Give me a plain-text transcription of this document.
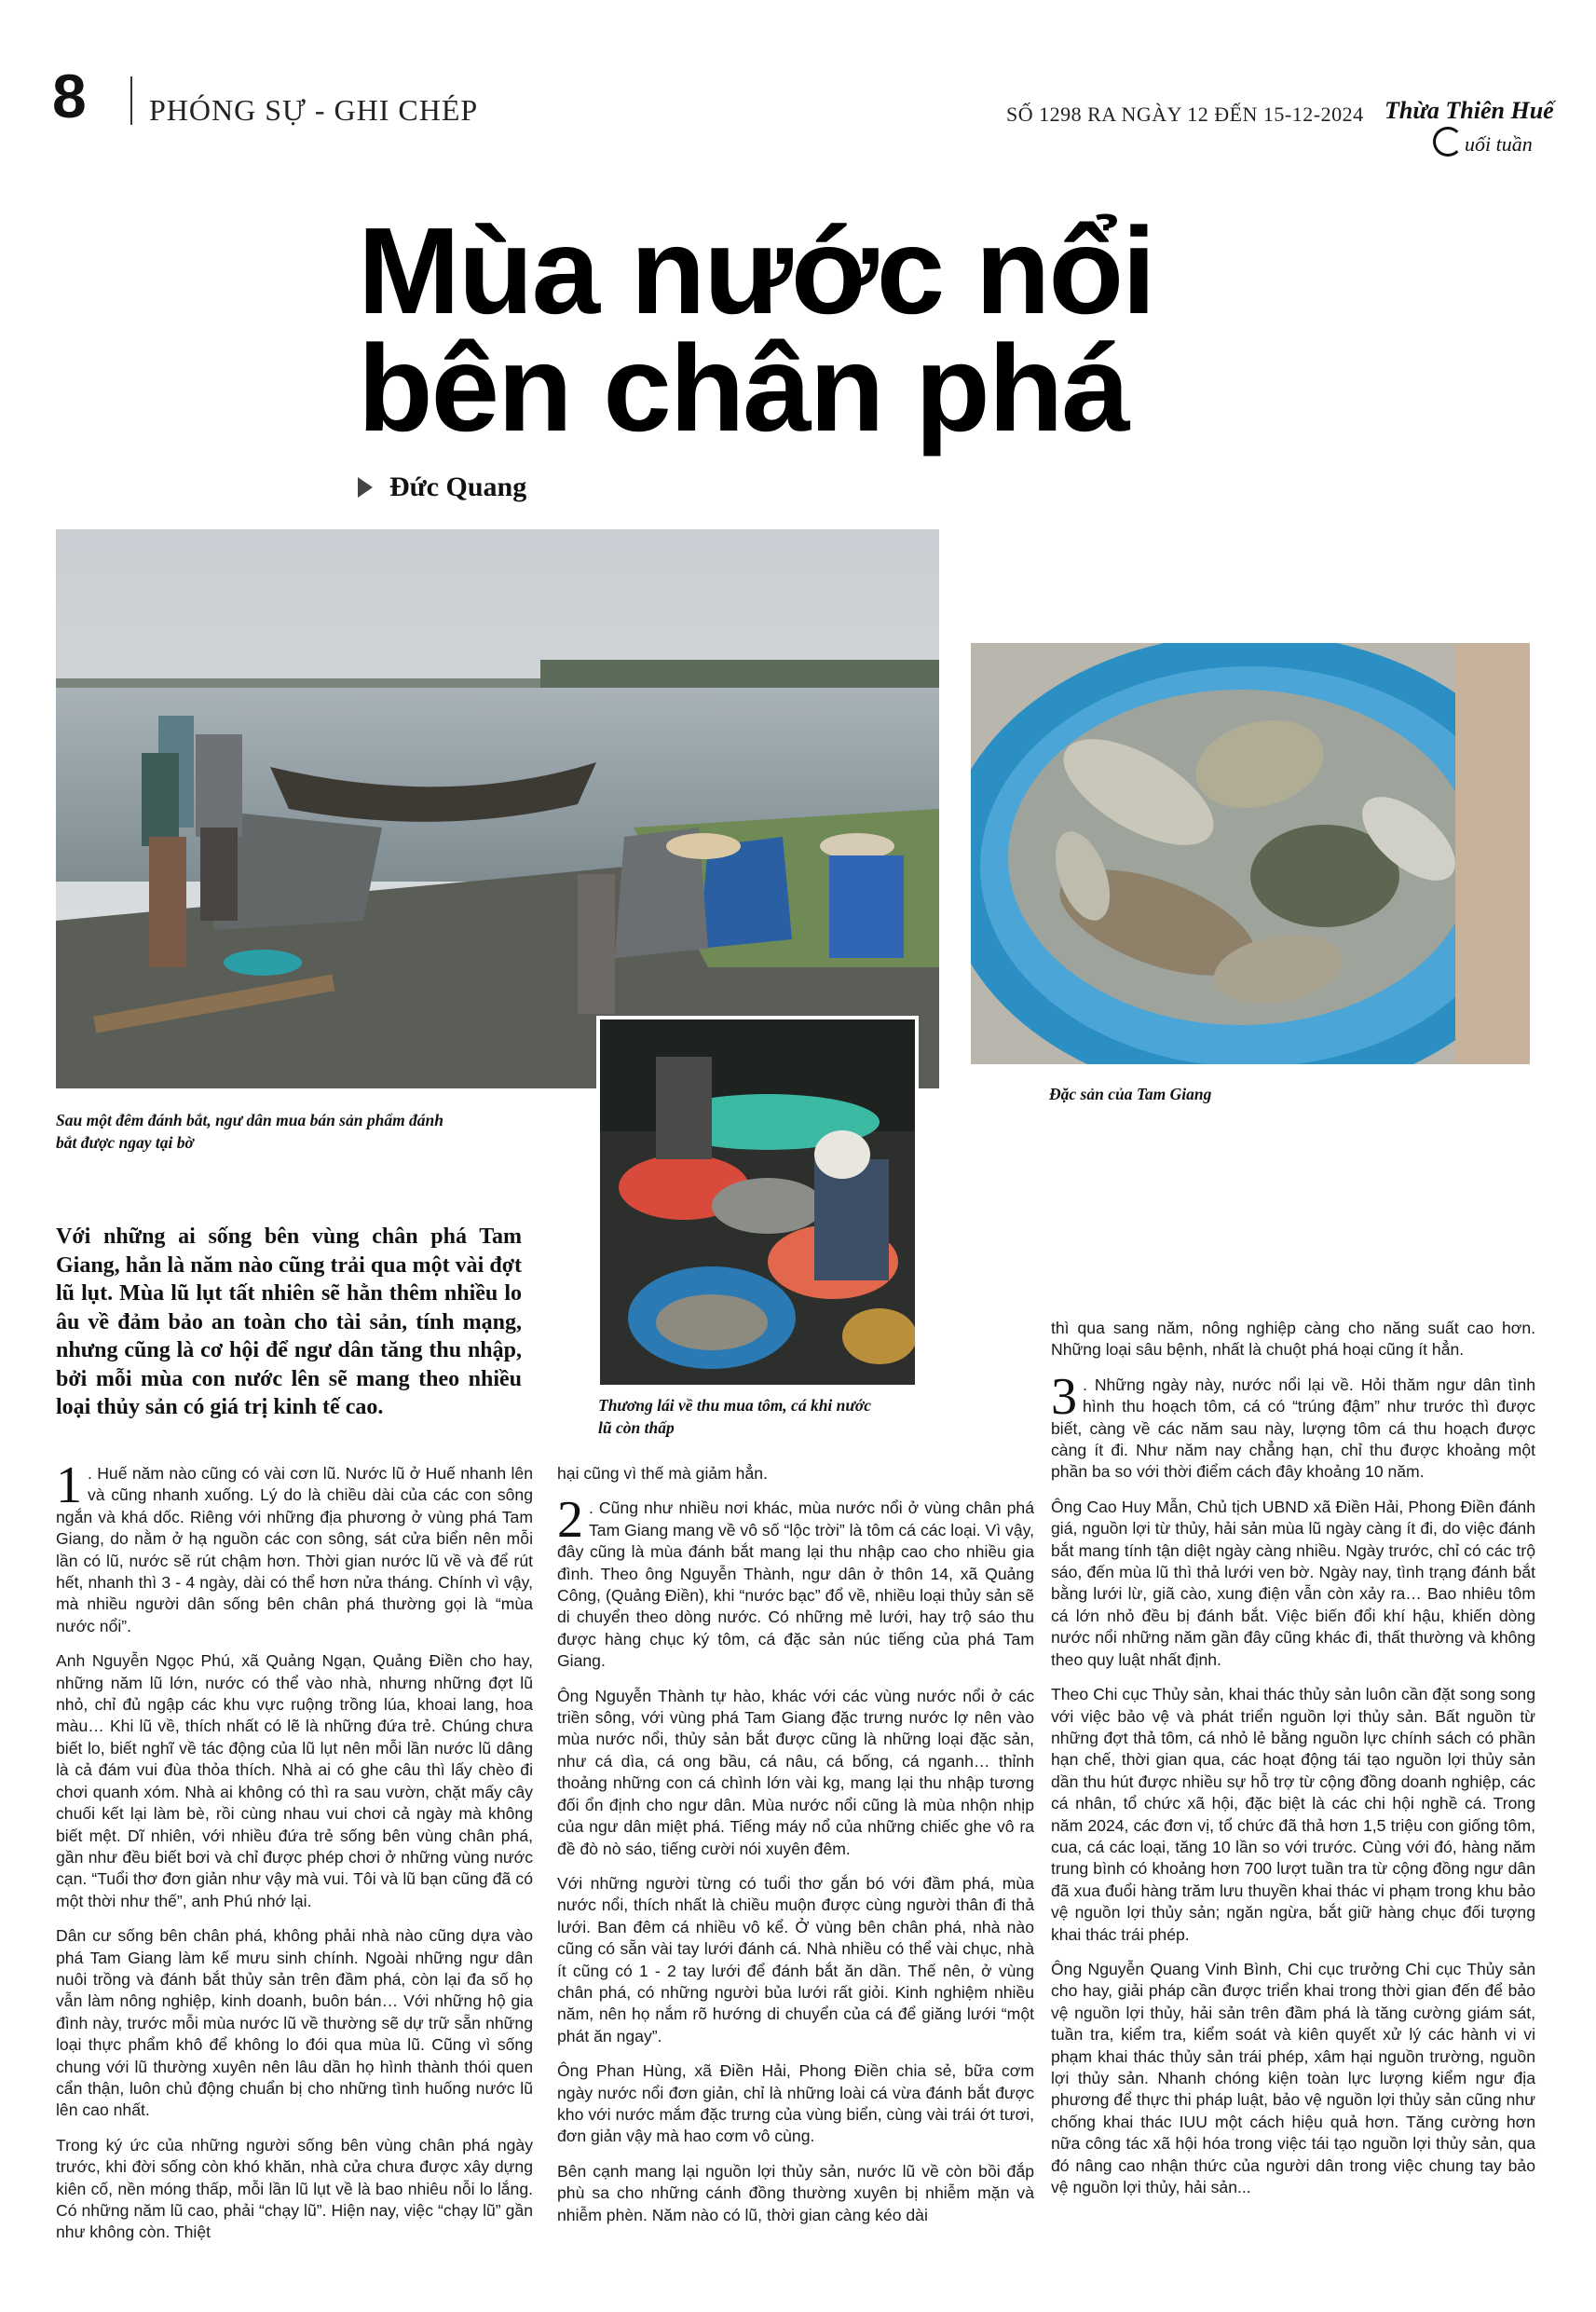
8 PHÓNG SỰ - GHI CHÉP	SỐ 1298 RA NGÀY 12 ĐẾN 15-12-2024 Thừa Thiên Huế
uối tuần
Mùa nước nổi
bên chân phá
Đức Quang
Sau một đêm đánh bắt, ngư dân mua bán sản phẩm đánh bắt được ngay tại bờ
Đặc sản của Tam Giang
Thương lái về thu mua tôm, cá khi nước lũ còn thấp
Với những ai sống bên vùng chân phá Tam Giang, hẳn là năm nào cũng trải qua một vài đợt lũ lụt. Mùa lũ lụt tất nhiên sẽ hằn thêm nhiều lo âu về đảm bảo an toàn cho tài sản, tính mạng, nhưng cũng là cơ hội để ngư dân tăng thu nhập, bởi mỗi mùa con nước lên sẽ mang theo nhiều loại thủy sản có giá trị kinh tế cao.

1 . Huế năm nào cũng có vài cơn lũ. Nước lũ ở Huế nhanh lên và cũng nhanh xuống. Lý do là chiều dài của các con sông ngắn và khá dốc. Riêng với những địa phương ở vùng phá Tam Giang, do nằm ở hạ nguồn các con sông, sát cửa biển nên mỗi lần có lũ, nước sẽ rút chậm hơn. Thời gian nước lũ về và để rút hết, nhanh thì 3 - 4 ngày, dài có thể hơn nửa tháng. Chính vì vậy, mà nhiều người dân sống bên chân phá thường gọi là “mùa nước nổi”.

Anh Nguyễn Ngọc Phú, xã Quảng Ngạn, Quảng Điền cho hay, những năm lũ lớn, nước có thể vào nhà, nhưng những đợt lũ nhỏ, chỉ đủ ngập các khu vực ruộng trồng lúa, khoai lang, hoa màu… Khi lũ về, thích nhất có lẽ là những đứa trẻ. Chúng chưa biết lo, biết nghĩ về tác động của lũ lụt nên mỗi lần nước lũ dâng là cả đám vui đùa thỏa thích. Nhà ai có ghe câu thì lấy chèo đi chơi quanh xóm. Nhà ai không có thì ra sau vườn, chặt mấy cây chuối kết lại làm bè, rồi cùng nhau vui chơi cả ngày mà không biết mệt. Dĩ nhiên, với nhiều đứa trẻ sống bên vùng chân phá, gần như đều biết bơi và chỉ được phép chơi ở những vùng nước cạn. “Tuổi thơ đơn giản như vậy mà vui. Tôi và lũ bạn cũng đã có một thời như thế”, anh Phú nhớ lại.

Dân cư sống bên chân phá, không phải nhà nào cũng dựa vào phá Tam Giang làm kế mưu sinh chính. Ngoài những ngư dân nuôi trồng và đánh bắt thủy sản trên đầm phá, còn lại đa số họ vẫn làm nông nghiệp, kinh doanh, buôn bán… Với những hộ gia đình này, trước mỗi mùa nước lũ về thường sẽ dự trữ sẵn những loại thực phẩm khô để không lo đói qua mùa lũ. Cũng vì sống chung với lũ thường xuyên nên lâu dần họ hình thành thói quen cẩn thận, luôn chủ động chuẩn bị cho những tình huống nước lũ lên cao nhất.

Trong ký ức của những người sống bên vùng chân phá ngày trước, khi đời sống còn khó khăn, nhà cửa chưa được xây dựng kiên cố, nền móng thấp, mỗi lần lũ lụt về là bao nhiêu nỗi lo lắng. Có những năm lũ cao, phải “chạy lũ”. Hiện nay, việc “chạy lũ” gần như không còn. Thiệt

hại cũng vì thế mà giảm hẳn.

2 . Cũng như nhiều nơi khác, mùa nước nổi ở vùng chân phá Tam Giang mang về vô số “lộc trời” là tôm cá các loại. Vì vậy, đây cũng là mùa đánh bắt mang lại thu nhập cao cho nhiều gia đình. Theo ông Nguyễn Thành, ngư dân ở thôn 14, xã Quảng Công, (Quảng Điền), khi “nước bạc” đổ về, nhiều loại thủy sản sẽ di chuyển theo dòng nước. Có những mẻ lưới, hay trộ sáo thu được hàng chục ký tôm, cá đặc sản núc tiếng của phá Tam Giang.

Ông Nguyễn Thành tự hào, khác với các vùng nước nổi ở các triền sông, với vùng phá Tam Giang đặc trưng nước lợ nên vào mùa nước nổi, thủy sản bắt được cũng là những loại đặc sản, như cá dìa, cá ong bầu, cá nâu, cá bống, cá nganh… thỉnh thoảng những con cá chình lớn vài kg, mang lại thu nhập tương đối ổn định cho ngư dân. Mùa nước nổi cũng là mùa nhộn nhịp của ngư dân miệt phá. Tiếng máy nổ của những chiếc ghe vô ra đề đò nò sáo, tiếng cười nói xuyên đêm.

Với những người từng có tuổi thơ gắn bó với đầm phá, mùa nước nổi, thích nhất là chiều muộn được cùng người thân đi thả lưới. Ban đêm cá nhiều vô kể. Ở vùng bên chân phá, nhà nào cũng có sẵn vài tay lưới đánh cá. Nhà nhiều có thể vài chục, nhà ít cũng có 1 - 2 tay lưới để đánh bắt ăn dần. Thế nên, ở vùng chân phá, có những người bủa lưới rất giỏi. Kinh nghiệm nhiều năm, nên họ nắm rõ hướng di chuyển của cá để giăng lưới “một phát ăn ngay”.

Ông Phan Hùng, xã Điền Hải, Phong Điền chia sẻ, bữa cơm ngày nước nổi đơn giản, chỉ là những loài cá vừa đánh bắt được kho với nước mắm đặc trưng của vùng biển, cùng vài trái ớt tươi, đơn giản vậy mà hao cơm vô cùng.

Bên cạnh mang lại nguồn lợi thủy sản, nước lũ về còn bồi đắp phù sa cho những cánh đồng thường xuyên bị nhiễm mặn và nhiễm phèn. Năm nào có lũ, thời gian càng kéo dài

thì qua sang năm, nông nghiệp càng cho năng suất cao hơn. Những loại sâu bệnh, nhất là chuột phá hoại cũng ít hẳn.

3 . Những ngày này, nước nổi lại về. Hỏi thăm ngư dân tình hình thu hoạch tôm, cá có “trúng đậm” như trước thì được biết, càng về các năm sau này, lượng tôm cá thu hoạch được càng ít đi. Như năm nay chẳng hạn, chỉ thu được khoảng một phần ba so với thời điểm cách đây khoảng 10 năm.

Ông Cao Huy Mẫn, Chủ tịch UBND xã Điền Hải, Phong Điền đánh giá, nguồn lợi từ thủy, hải sản mùa lũ ngày càng ít đi, do việc đánh bắt mang tính tận diệt ngày càng nhiều. Ngày trước, chỉ có các trộ sáo, đến mùa lũ thì thả lưới ven bờ. Ngày nay, tình trạng đánh bắt bằng lưới lừ, giã cào, xung điện vẫn còn xảy ra… Bao nhiêu tôm cá lớn nhỏ đều bị đánh bắt. Việc biến đổi khí hậu, khiến dòng nước nổi những năm gần đây cũng khác đi, thất thường và không theo quy luật nhất định.

Theo Chi cục Thủy sản, khai thác thủy sản luôn cần đặt song song với việc bảo vệ và phát triển nguồn lợi thủy sản. Bất nguồn từ những đợt thả tôm, cá nhỏ lẻ bằng nguồn lực chính sách có phần hạn chế, thời gian qua, các hoạt động tái tạo nguồn lợi thủy sản dần thu hút được nhiều sự hỗ trợ từ cộng đồng doanh nghiệp, các cá nhân, tổ chức xã hội, đặc biệt là các chi hội nghề cá. Trong năm 2024, các đơn vị, tổ chức đã thả hơn 1,5 triệu con giống tôm, cua, cá các loại, tăng 10 lần so với trước. Cùng với đó, hàng năm trung bình có khoảng hơn 700 lượt tuần tra từ cộng đồng ngư dân đã xua đuổi hàng trăm lưu thuyền khai thác vi phạm trong khu bảo vệ nguồn lợi thủy sản; ngăn ngừa, bắt giữ hàng chục đối tượng khai thác trái phép.

Ông Nguyễn Quang Vinh Bình, Chi cục trưởng Chi cục Thủy sản cho hay, giải pháp cần được triển khai trong thời gian đến để bảo vệ nguồn lợi thủy, hải sản trên đầm phá là tăng cường giám sát, tuần tra, kiểm tra, kiểm soát và kiên quyết xử lý các hành vi vi phạm khai thác thủy sản trái phép, xâm hại nguồn trường, nguồn lợi thủy sản. Nhanh chóng kiện toàn lực lượng kiểm ngư địa phương để thực thi pháp luật, bảo vệ nguồn lợi thủy sản cũng như chống khai thác IUU một cách hiệu quả hơn. Tăng cường hơn nữa công tác xã hội hóa trong việc tái tạo nguồn lợi thủy sản, qua đó nâng cao nhận thức của người dân trong việc chung tay bảo vệ nguồn lợi thủy, hải sản...
